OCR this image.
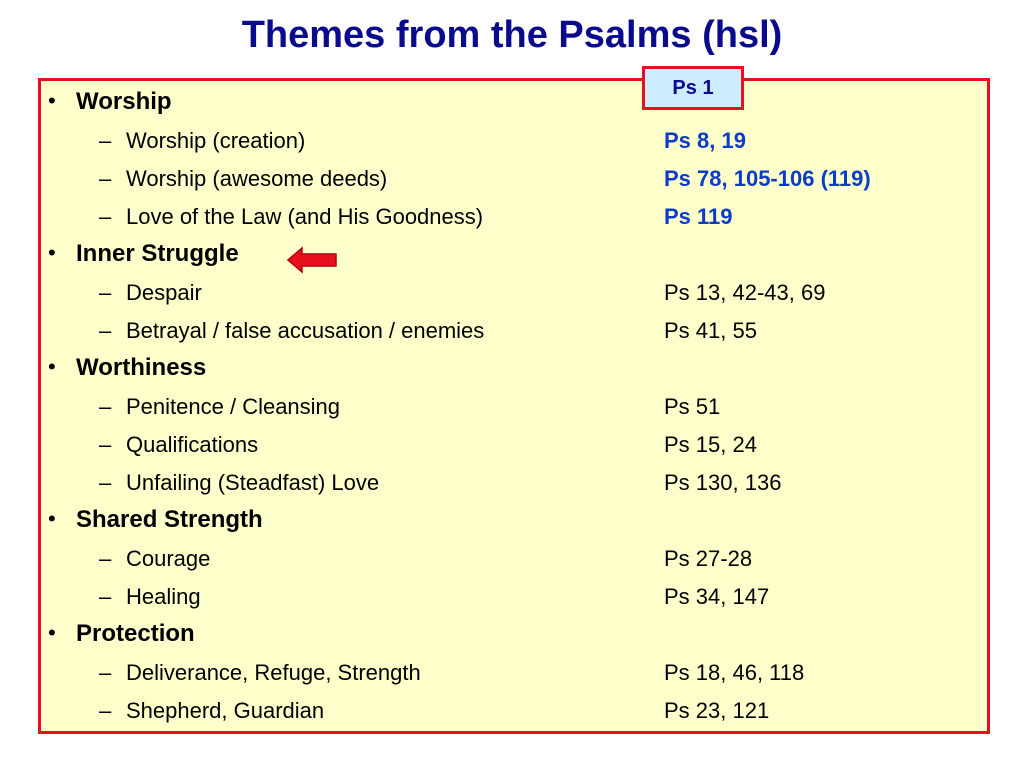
Themes from the Psalms (hsl)
Ps 1
• Worship
– Worship (creation)	Ps 8, 19
– Worship (awesome deeds)	Ps 78, 105-106 (119)
– Love of the Law (and His Goodness)	Ps 119
• Inner Struggle
– Despair	Ps 13, 42-43, 69
– Betrayal / false accusation / enemies	Ps 41, 55
• Worthiness
– Penitence / Cleansing	Ps 51
– Qualifications	Ps 15, 24
– Unfailing (Steadfast) Love	Ps 130, 136
• Shared Strength
– Courage	Ps 27-28
– Healing	Ps 34, 147
• Protection
– Deliverance, Refuge, Strength	Ps 18, 46, 118
– Shepherd, Guardian	Ps 23, 121
